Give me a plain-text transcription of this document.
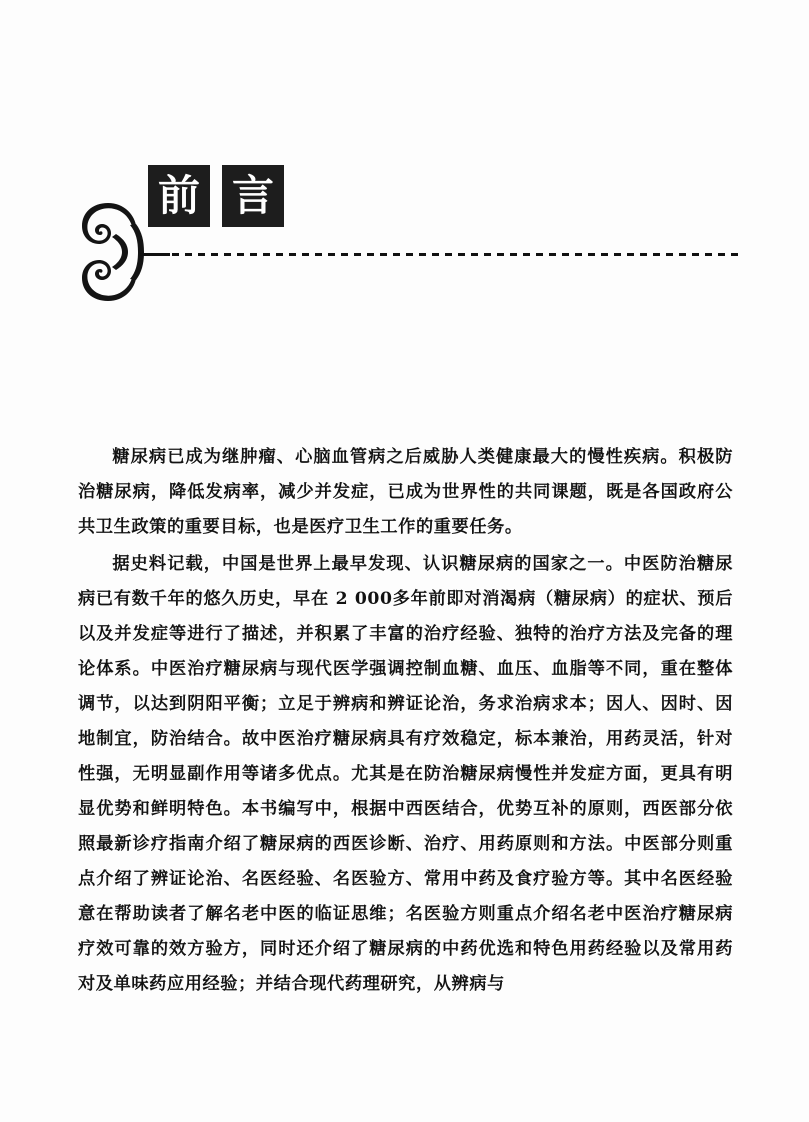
前 言

糖尿病已成为继肿瘤、心脑血管病之后威胁人类健康最大的慢性疾病。积极防治糖尿病，降低发病率，减少并发症，已成为世界性的共同课题，既是各国政府公共卫生政策的重要目标，也是医疗卫生工作的重要任务。

据史料记载，中国是世界上最早发现、认识糖尿病的国家之一。中医防治糖尿病已有数千年的悠久历史，早在 2 000多年前即对消渴病（糖尿病）的症状、预后以及并发症等进行了描述，并积累了丰富的治疗经验、独特的治疗方法及完备的理论体系。中医治疗糖尿病与现代医学强调控制血糖、血压、血脂等不同，重在整体调节，以达到阴阳平衡；立足于辨病和辨证论治，务求治病求本；因人、因时、因地制宜，防治结合。故中医治疗糖尿病具有疗效稳定，标本兼治，用药灵活，针对性强，无明显副作用等诸多优点。尤其是在防治糖尿病慢性并发症方面，更具有明显优势和鲜明特色。本书编写中，根据中西医结合，优势互补的原则，西医部分依照最新诊疗指南介绍了糖尿病的西医诊断、治疗、用药原则和方法。中医部分则重点介绍了辨证论治、名医经验、名医验方、常用中药及食疗验方等。其中名医经验意在帮助读者了解名老中医的临证思维；名医验方则重点介绍名老中医治疗糖尿病疗效可靠的效方验方，同时还介绍了糖尿病的中药优选和特色用药经验以及常用药对及单味药应用经验；并结合现代药理研究，从辨病与
